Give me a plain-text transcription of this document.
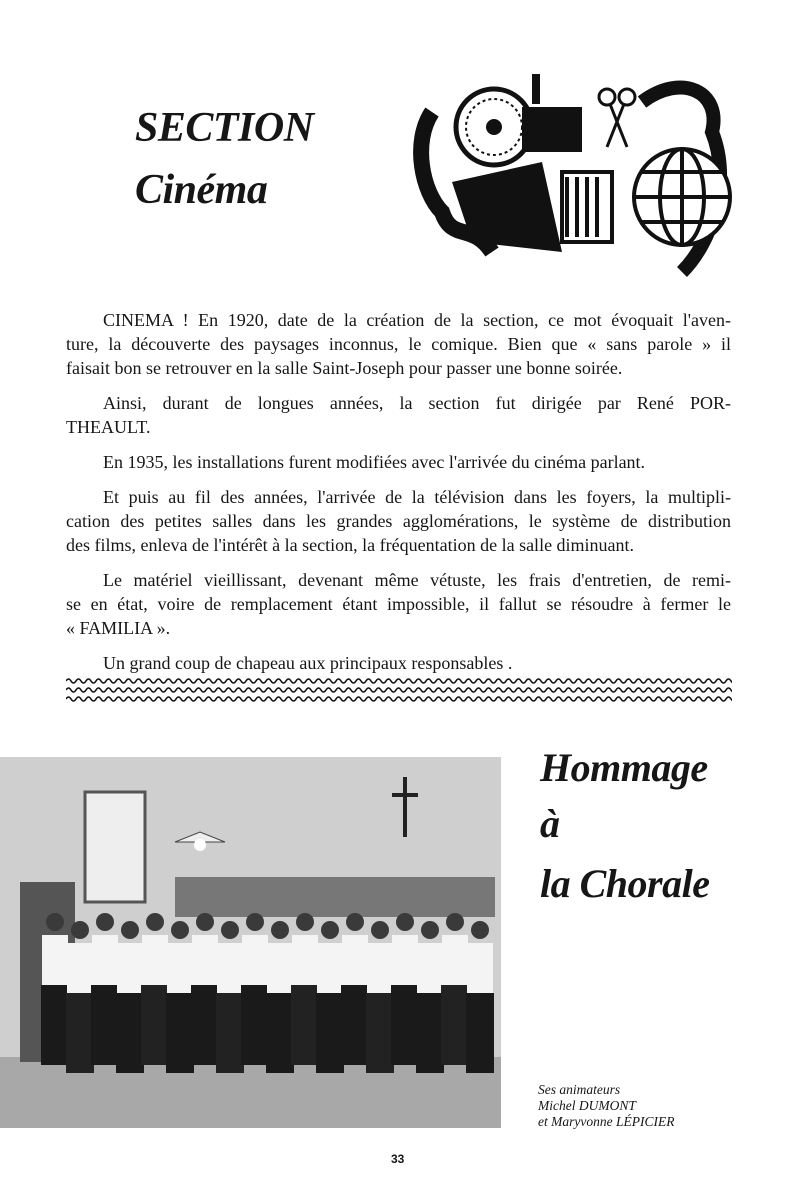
SECTION
Cinéma
CINEMA ! En 1920, date de la création de la section, ce mot évoquait l'aven-
ture, la découverte des paysages inconnus, le comique. Bien que « sans parole » il
faisait bon se retrouver en la salle Saint-Joseph pour passer une bonne soirée.
Ainsi, durant de longues années, la section fut dirigée par René POR-
THEAULT.
En 1935, les installations furent modifiées avec l'arrivée du cinéma parlant.
Et puis au fil des années, l'arrivée de la télévision dans les foyers, la multipli-
cation des petites salles dans les grandes agglomérations, le système de distribution
des films, enleva de l'intérêt à la section, la fréquentation de la salle diminuant.
Le matériel vieillissant, devenant même vétuste, les frais d'entretien, de remi-
se en état, voire de remplacement étant impossible, il fallut se résoudre à fermer le
« FAMILIA ».
Un grand coup de chapeau aux principaux responsables .
Hommage
à
la Chorale
Ses animateurs
Michel DUMONT
et Maryvonne LÉPICIER
33
